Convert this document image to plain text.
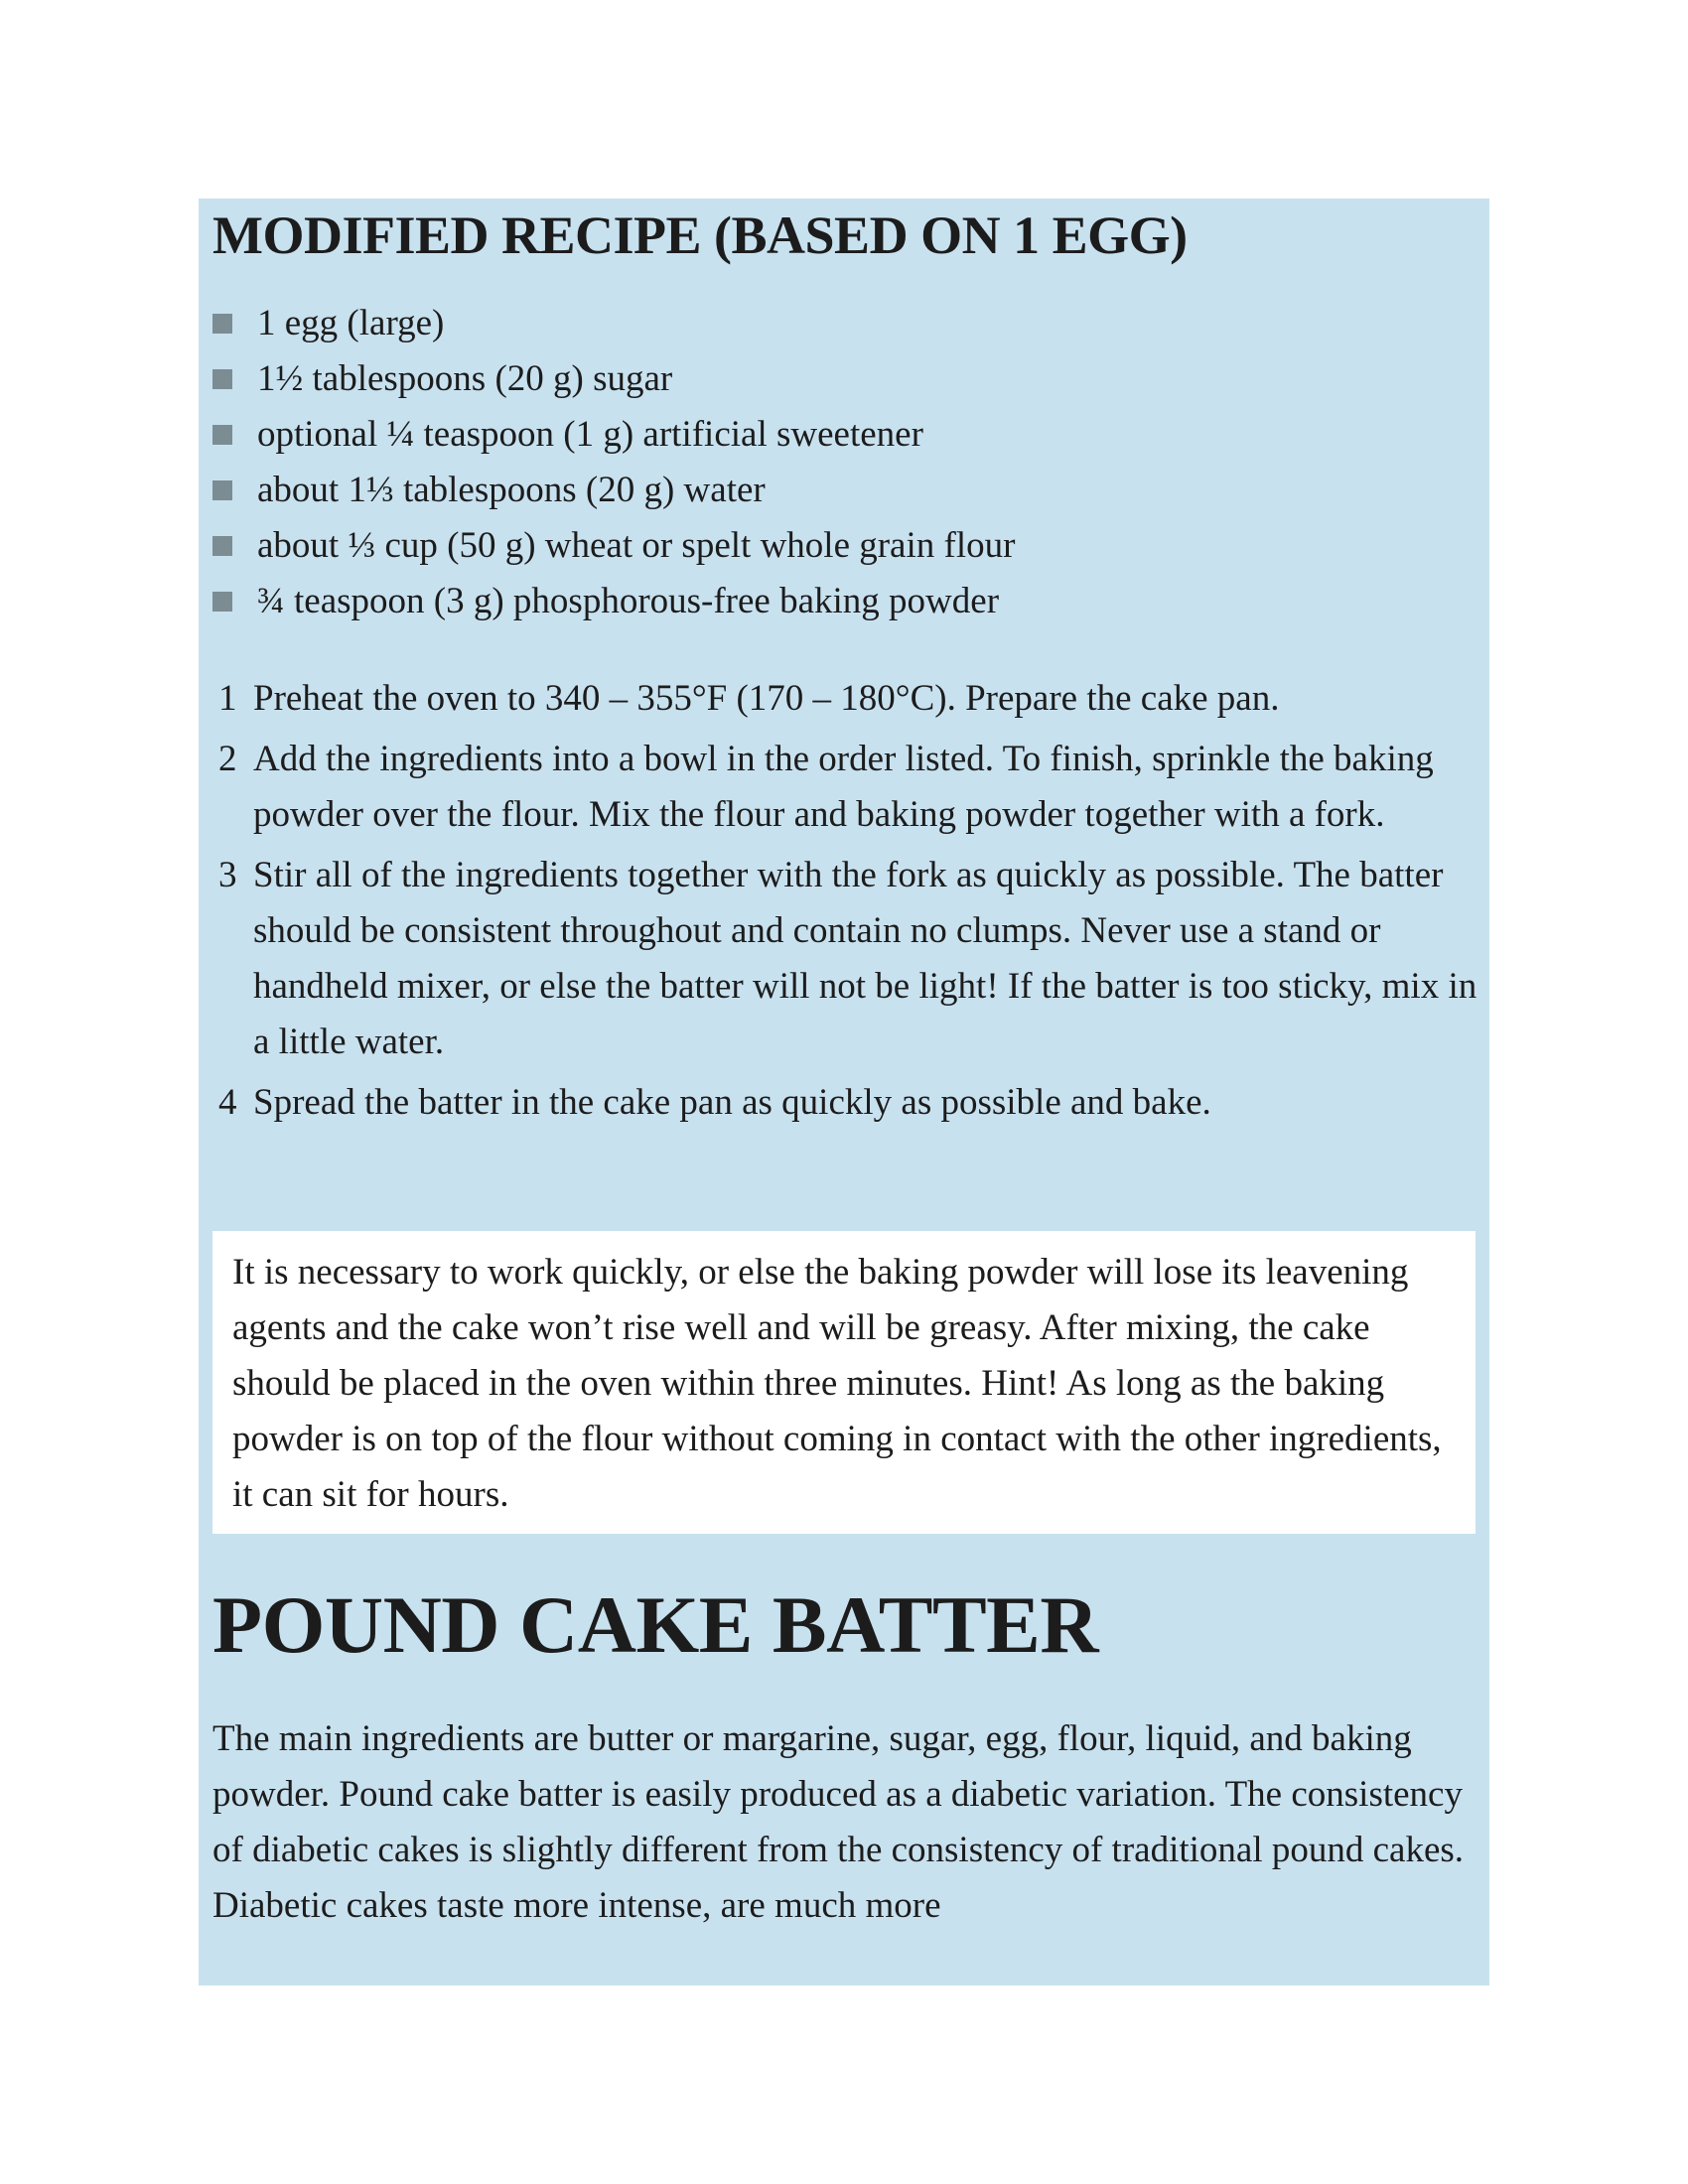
MODIFIED RECIPE (BASED ON 1 EGG)
1 egg (large)
1½ tablespoons (20 g) sugar
optional ¼ teaspoon (1 g) artificial sweetener
about 1⅓ tablespoons (20 g) water
about ⅓ cup (50 g) wheat or spelt whole grain flour
¾ teaspoon (3 g) phosphorous-free baking powder
1 Preheat the oven to 340 – 355°F (170 – 180°C). Prepare the cake pan.
2 Add the ingredients into a bowl in the order listed. To finish, sprinkle the baking powder over the flour. Mix the flour and baking powder together with a fork.
3 Stir all of the ingredients together with the fork as quickly as possible. The batter should be consistent throughout and contain no clumps. Never use a stand or handheld mixer, or else the batter will not be light! If the batter is too sticky, mix in a little water.
4 Spread the batter in the cake pan as quickly as possible and bake.

It is necessary to work quickly, or else the baking powder will lose its leavening agents and the cake won’t rise well and will be greasy. After mixing, the cake should be placed in the oven within three minutes. Hint! As long as the baking powder is on top of the flour without coming in contact with the other ingredients, it can sit for hours.

POUND CAKE BATTER

The main ingredients are butter or margarine, sugar, egg, flour, liquid, and baking powder. Pound cake batter is easily produced as a diabetic variation. The consistency of diabetic cakes is slightly different from the consistency of traditional pound cakes. Diabetic cakes taste more intense, are much more
